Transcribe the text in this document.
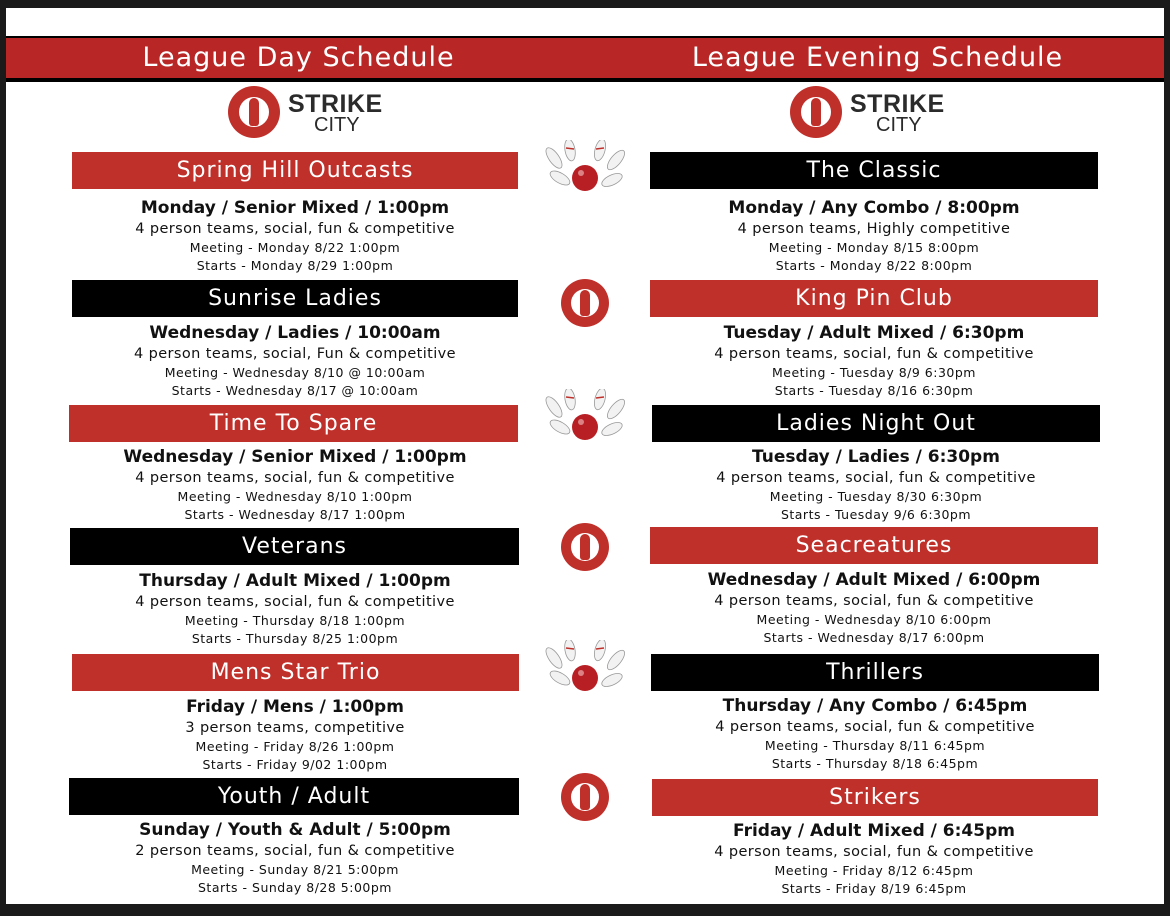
League Day Schedule	League Evening Schedule
STRIKE
CITY
STRIKE
CITY
Spring Hill Outcasts
Monday / Senior Mixed / 1:00pm
4 person teams, social, fun & competitive
Meeting - Monday 8/22 1:00pm
Starts - Monday 8/29 1:00pm
Sunrise Ladies
Wednesday / Ladies / 10:00am
4 person teams, social, Fun & competitive
Meeting - Wednesday 8/10 @ 10:00am
Starts - Wednesday 8/17 @ 10:00am
Time To Spare
Wednesday / Senior Mixed / 1:00pm
4 person teams, social, fun & competitive
Meeting - Wednesday 8/10 1:00pm
Starts - Wednesday 8/17 1:00pm
Veterans
Thursday / Adult Mixed / 1:00pm
4 person teams, social, fun & competitive
Meeting - Thursday 8/18 1:00pm
Starts - Thursday 8/25 1:00pm
Mens Star Trio
Friday / Mens / 1:00pm
3 person teams, competitive
Meeting - Friday 8/26 1:00pm
Starts - Friday 9/02 1:00pm
Youth / Adult
Sunday / Youth & Adult / 5:00pm
2 person teams, social, fun & competitive
Meeting - Sunday 8/21 5:00pm
Starts - Sunday 8/28 5:00pm
The Classic
Monday / Any Combo / 8:00pm
4 person teams, Highly competitive
Meeting - Monday 8/15 8:00pm
Starts - Monday 8/22 8:00pm
King Pin Club
Tuesday / Adult Mixed / 6:30pm
4 person teams, social, fun & competitive
Meeting - Tuesday 8/9 6:30pm
Starts - Tuesday 8/16 6:30pm
Ladies Night Out
Tuesday / Ladies / 6:30pm
4 person teams, social, fun & competitive
Meeting - Tuesday 8/30 6:30pm
Starts - Tuesday 9/6 6:30pm
Seacreatures
Wednesday / Adult Mixed / 6:00pm
4 person teams, social, fun & competitive
Meeting - Wednesday 8/10 6:00pm
Starts - Wednesday 8/17 6:00pm
Thrillers
Thursday / Any Combo / 6:45pm
4 person teams, social, fun & competitive
Meeting - Thursday 8/11 6:45pm
Starts - Thursday 8/18 6:45pm
Strikers
Friday / Adult Mixed / 6:45pm
4 person teams, social, fun & competitive
Meeting - Friday 8/12 6:45pm
Starts - Friday 8/19 6:45pm
